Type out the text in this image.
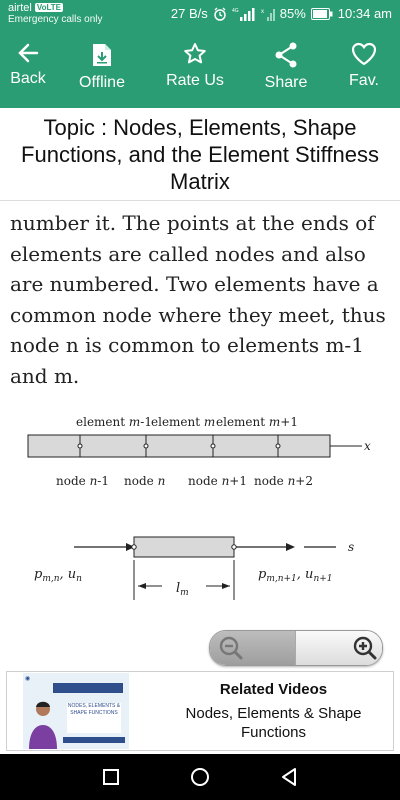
airtel VoLTE
Emergency calls only	27 B/s	4G	x 85% 10:34 am
Back Offline	Rate Us	Share	Fav.
Topic : Nodes, Elements, Shape Functions, and the Element Stiffness Matrix
number it. The points at the ends of elements are called nodes and also are numbered. Two elements have a common node where they meet, thus node n is common to elements m-1 and m.
element m-1 element m element m+1
x
node n-1 node n node n+1 node n+2
s
$l_m$
$p_{m,n}$, $u_n$	$p_{m,n+1}$, $u_{n+1}$
◉
NODES, ELEMENTS & SHAPE FUNCTIONS
Related Videos
Nodes, Elements & Shape Functions
